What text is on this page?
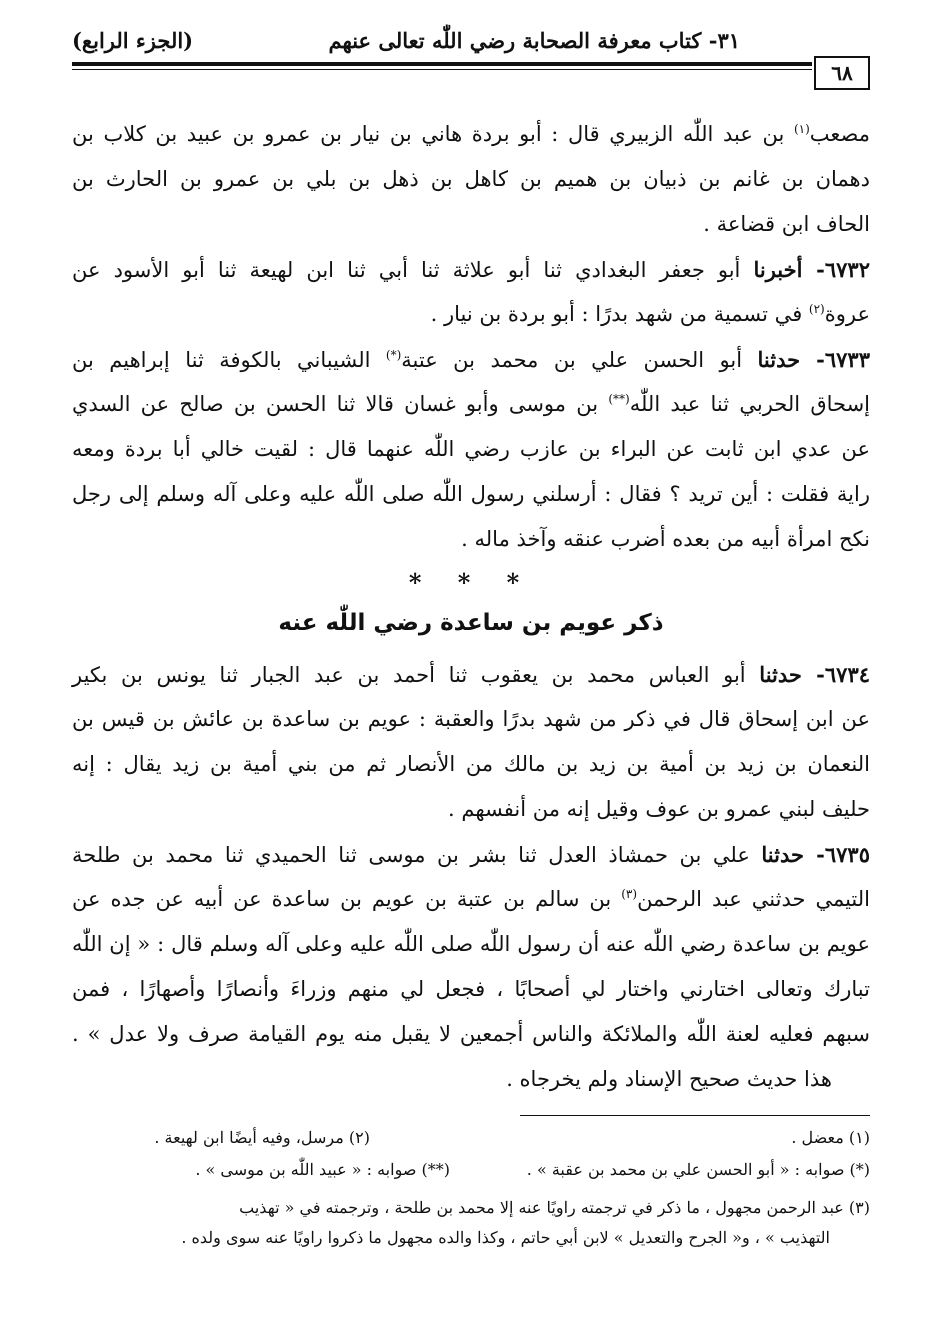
٣١- كتاب معرفة الصحابة رضي اللّٰه تعالى عنهم
(الجزء الرابع)
٦٨
مصعب$^{(١)}$ بن عبد اللّٰه الزبيري قال : أبو بردة هاني بن نيار بن عمرو بن عبيد بن كلاب بن
دهمان بن غانم بن ذبيان بن هميم بن كاهل بن ذهل بن بلي بن عمرو بن الحارث بن
الحاف ابن قضاعة .
٦٧٣٢- أخبرنا أبو جعفر البغدادي ثنا أبو علاثة ثنا أبي ثنا ابن لهيعة ثنا أبو الأسود عن
عروة$^{(٢)}$ في تسمية من شهد بدرًا : أبو بردة بن نيار .
٦٧٣٣- حدثنا أبو الحسن علي بن محمد بن عتبة(*) الشيباني بالكوفة ثنا إبراهيم بن
إسحاق الحربي ثنا عبد اللّٰه(**) بن موسى وأبو غسان قالا ثنا الحسن بن صالح عن السدي
عن عدي ابن ثابت عن البراء بن عازب رضي اللّٰه عنهما قال : لقيت خالي أبا بردة ومعه
راية فقلت : أين تريد ؟ فقال : أرسلني رسول اللّٰه صلى اللّٰه عليه وعلى آله وسلم إلى رجل
نكح امرأة أبيه من بعده أضرب عنقه وآخذ ماله .
* * *
ذكر عويم بن ساعدة رضي اللّٰه عنه
٦٧٣٤- حدثنا أبو العباس محمد بن يعقوب ثنا أحمد بن عبد الجبار ثنا يونس بن بكير
عن ابن إسحاق قال في ذكر من شهد بدرًا والعقبة : عويم بن ساعدة بن عائش بن قيس بن
النعمان بن زيد بن أمية بن زيد بن مالك من الأنصار ثم من بني أمية بن زيد يقال : إنه
حليف لبني عمرو بن عوف وقيل إنه من أنفسهم .
٦٧٣٥- حدثنا علي بن حمشاذ العدل ثنا بشر بن موسى ثنا الحميدي ثنا محمد بن طلحة
التيمي حدثني عبد الرحمن$^{(٣)}$ بن سالم بن عتبة بن عويم بن ساعدة عن أبيه عن جده عن
عويم بن ساعدة رضي اللّٰه عنه أن رسول اللّٰه صلى اللّٰه عليه وعلى آله وسلم قال : « إن اللّٰه
تبارك وتعالى اختارني واختار لي أصحابًا ، فجعل لي منهم وزراءَ وأنصارًا وأصهارًا ، فمن
سبهم فعليه لعنة اللّٰه والملائكة والناس أجمعين لا يقبل منه يوم القيامة صرف ولا عدل » .
هذا حديث صحيح الإسناد ولم يخرجاه .
(١) معضل .
(٢) مرسل، وفيه أيضًا ابن لهيعة .
(*) صوابه : « أبو الحسن علي بن محمد بن عقبة » .
(**) صوابه : « عبيد اللّٰه بن موسى » .
(٣) عبد الرحمن مجهول ، ما ذكر في ترجمته راويًا عنه إلا محمد بن طلحة ، وترجمته في « تهذيب
التهذيب » ، و« الجرح والتعديل » لابن أبي حاتم ، وكذا والده مجهول ما ذكروا راويًا عنه سوى ولده .
